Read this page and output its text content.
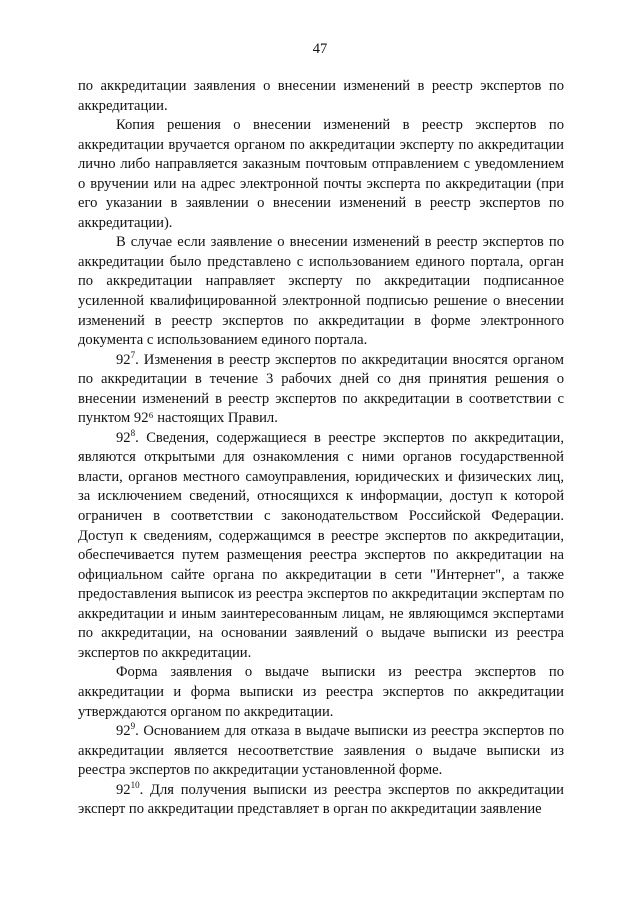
47

по аккредитации заявления о внесении изменений в реестр экспертов по аккредитации.

Копия решения о внесении изменений в реестр экспертов по аккредитации вручается органом по аккредитации эксперту по аккредитации лично либо направляется заказным почтовым отправлением с уведомлением о вручении или на адрес электронной почты эксперта по аккредитации (при его указании в заявлении о внесении изменений в реестр экспертов по аккредитации).

В случае если заявление о внесении изменений в реестр экспертов по аккредитации было представлено с использованием единого портала, орган по аккредитации направляет эксперту по аккредитации подписанное усиленной квалифицированной электронной подписью решение о внесении изменений в реестр экспертов по аккредитации в форме электронного документа с использованием единого портала.

$92^7$. Изменения в реестр экспертов по аккредитации вносятся органом по аккредитации в течение 3 рабочих дней со дня принятия решения о внесении изменений в реестр экспертов по аккредитации в соответствии с пунктом 92⁶ настоящих Правил.

$92^8$. Сведения, содержащиеся в реестре экспертов по аккредитации, являются открытыми для ознакомления с ними органов государственной власти, органов местного самоуправления, юридических и физических лиц, за исключением сведений, относящихся к информации, доступ к которой ограничен в соответствии с законодательством Российской Федерации. Доступ к сведениям, содержащимся в реестре экспертов по аккредитации, обеспечивается путем размещения реестра экспертов по аккредитации на официальном сайте органа по аккредитации в сети "Интернет", а также предоставления выписок из реестра экспертов по аккредитации экспертам по аккредитации и иным заинтересованным лицам, не являющимся экспертами по аккредитации, на основании заявлений о выдаче выписки из реестра экспертов по аккредитации.

Форма заявления о выдаче выписки из реестра экспертов по аккредитации и форма выписки из реестра экспертов по аккредитации утверждаются органом по аккредитации.

$92^9$. Основанием для отказа в выдаче выписки из реестра экспертов по аккредитации является несоответствие заявления о выдаче выписки из реестра экспертов по аккредитации установленной форме.

$92^{10}$. Для получения выписки из реестра экспертов по аккредитации эксперт по аккредитации представляет в орган по аккредитации заявление
